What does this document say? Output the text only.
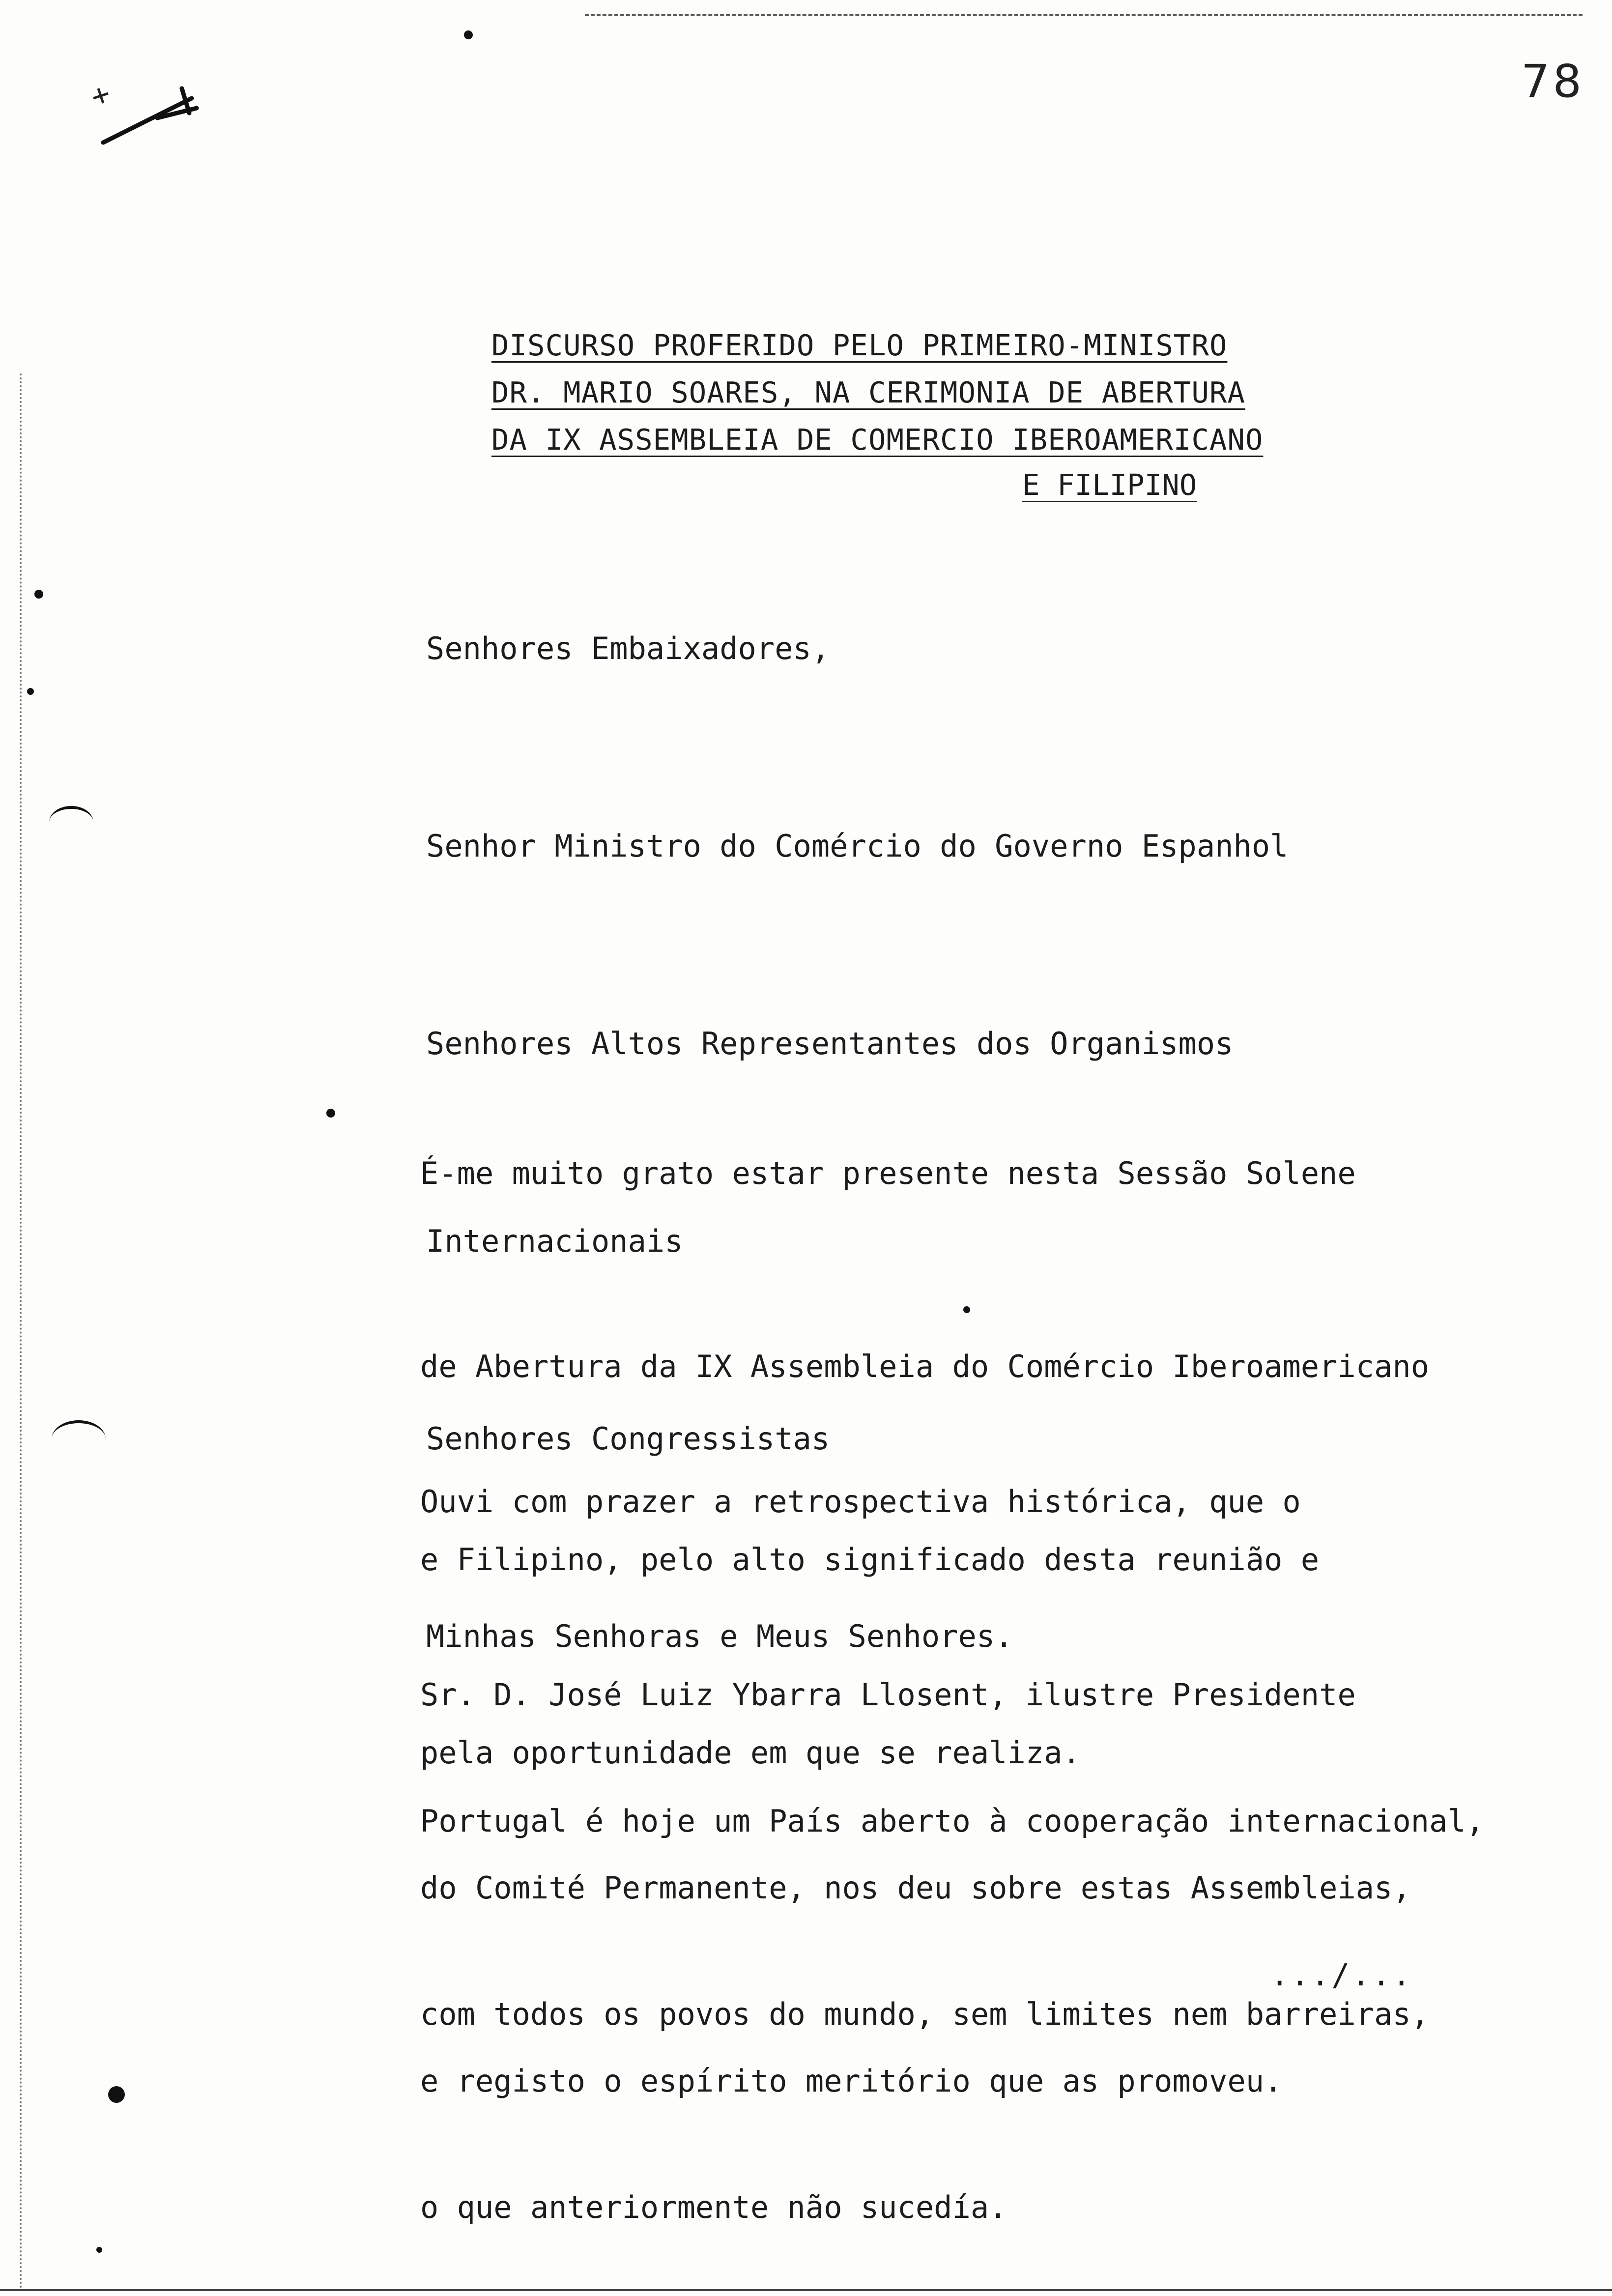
78
DISCURSO PROFERIDO PELO PRIMEIRO-MINISTRO
DR. MARIO SOARES, NA CERIMONIA DE ABERTURA
DA IX ASSEMBLEIA DE COMERCIO IBEROAMERICANO
E FILIPINO

Senhores Embaixadores,

Senhor Ministro do Comércio do Governo Espanhol

Senhores Altos Representantes dos Organismos

Internacionais

Senhores Congressistas

Minhas Senhoras e Meus Senhores.

É-me muito grato estar presente nesta Sessão Solene

de Abertura da IX Assembleia do Comércio Iberoamericano

e Filipino, pelo alto significado desta reunião e

pela oportunidade em que se realiza.

Ouvi com prazer a retrospectiva histórica, que o

Sr. D. José Luiz Ybarra Llosent, ilustre Presidente

do Comité Permanente, nos deu sobre estas Assembleias,

e registo o espírito meritório que as promoveu.

Portugal é hoje um País aberto à cooperação internacional,

com todos os povos do mundo, sem limites nem barreiras,

o que anteriormente não sucedía.

.../...
